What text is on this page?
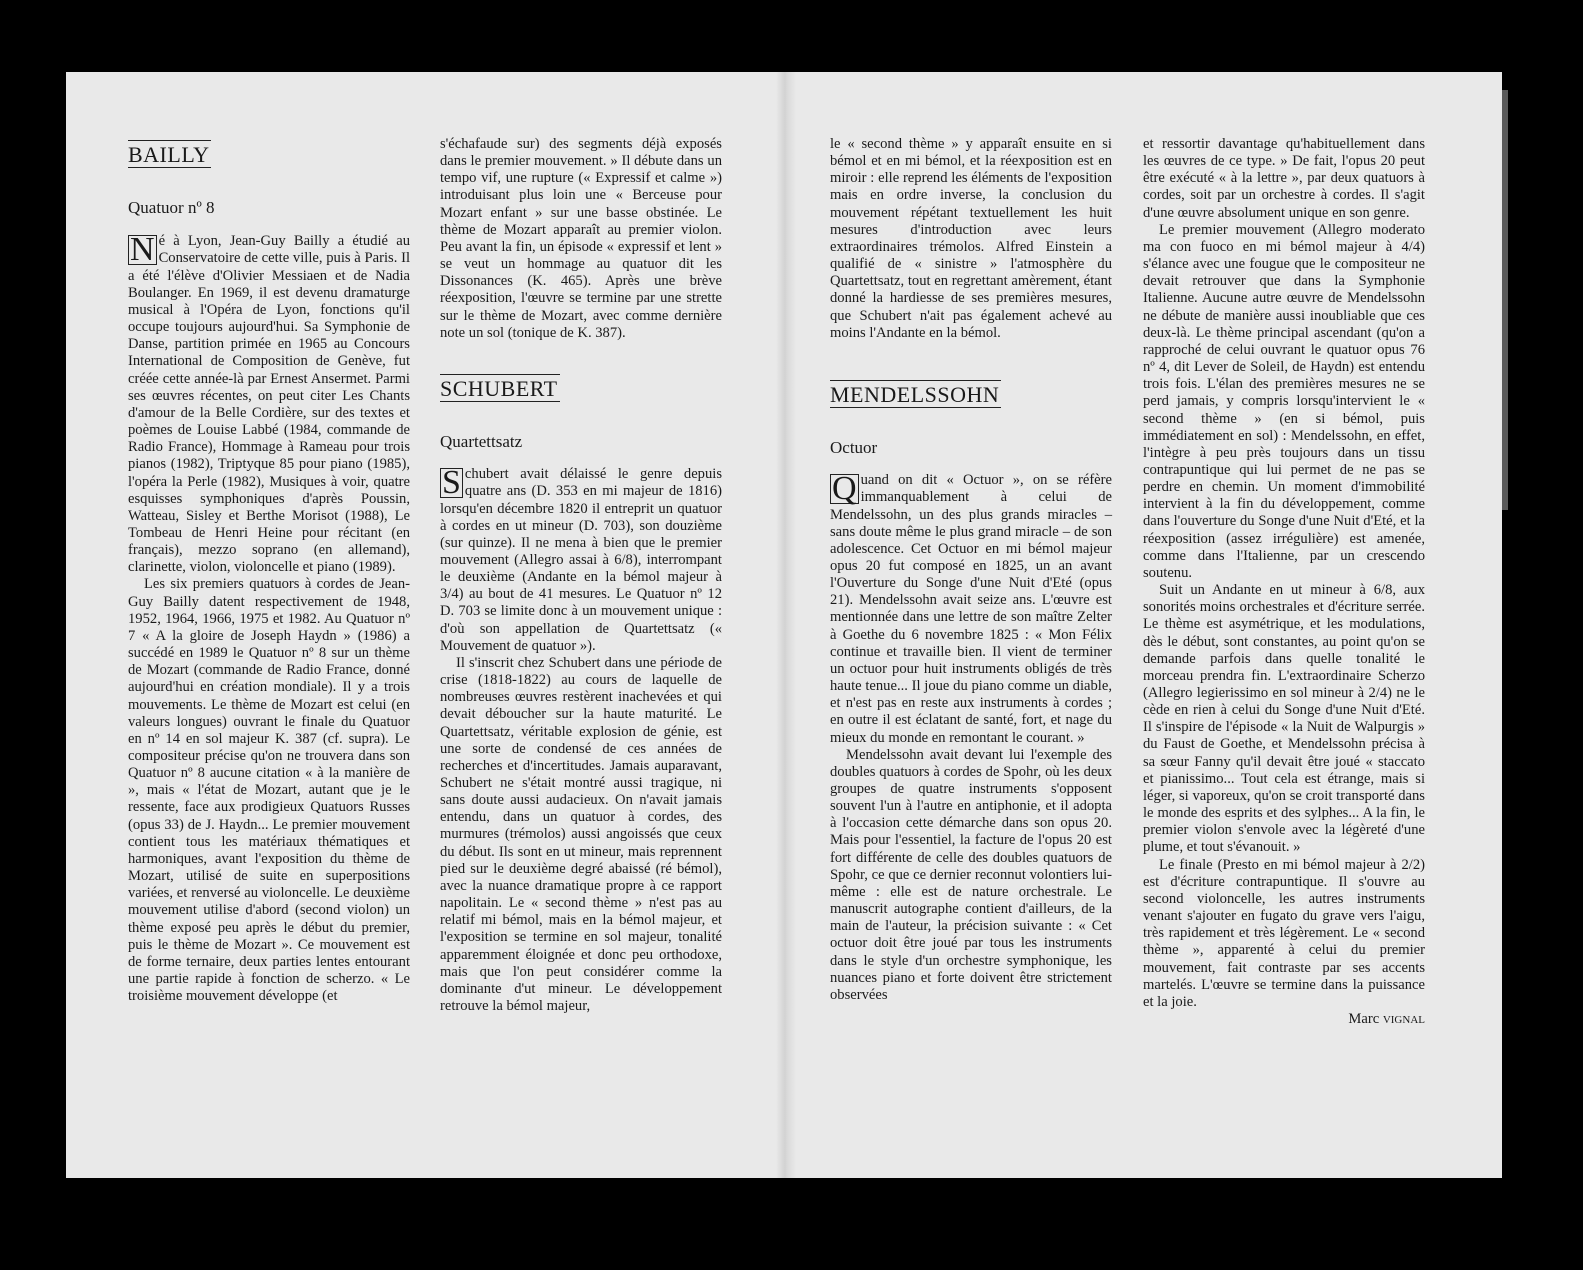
BAILLY
Quatuor nº 8

N é à Lyon, Jean-Guy Bailly a étudié au Conservatoire de cette ville, puis à Paris. Il a été l'élève d'Olivier Messiaen et de Nadia Boulanger. En 1969, il est devenu dramaturge musical à l'Opéra de Lyon, fonctions qu'il occupe toujours aujourd'hui. Sa Symphonie de Danse, partition primée en 1965 au Concours International de Composition de Genève, fut créée cette année-là par Ernest Ansermet. Parmi ses œuvres récentes, on peut citer Les Chants d'amour de la Belle Cordière, sur des textes et poèmes de Louise Labbé (1984, commande de Radio France), Hommage à Rameau pour trois pianos (1982), Triptyque 85 pour piano (1985), l'opéra la Perle (1982), Musiques à voir, quatre esquisses symphoniques d'après Poussin, Watteau, Sisley et Berthe Morisot (1988), Le Tombeau de Henri Heine pour récitant (en français), mezzo soprano (en allemand), clarinette, violon, violoncelle et piano (1989).

Les six premiers quatuors à cordes de Jean-Guy Bailly datent respectivement de 1948, 1952, 1964, 1966, 1975 et 1982. Au Quatuor nº 7 « A la gloire de Joseph Haydn » (1986) a succédé en 1989 le Quatuor nº 8 sur un thème de Mozart (commande de Radio France, donné aujourd'hui en création mondiale). Il y a trois mouvements. Le thème de Mozart est celui (en valeurs longues) ouvrant le finale du Quatuor en nº 14 en sol majeur K. 387 (cf. supra). Le compositeur précise qu'on ne trouvera dans son Quatuor nº 8 aucune citation « à la manière de », mais « l'état de Mozart, autant que je le ressente, face aux prodigieux Quatuors Russes (opus 33) de J. Haydn... Le premier mouvement contient tous les matériaux thématiques et harmoniques, avant l'exposition du thème de Mozart, utilisé de suite en superpositions variées, et renversé au violoncelle. Le deuxième mouvement utilise d'abord (second violon) un thème exposé peu après le début du premier, puis le thème de Mozart ». Ce mouvement est de forme ternaire, deux parties lentes entourant une partie rapide à fonction de scherzo. « Le troisième mouvement développe (et

s'échafaude sur) des segments déjà exposés dans le premier mouvement. » Il débute dans un tempo vif, une rupture (« Expressif et calme ») introduisant plus loin une « Berceuse pour Mozart enfant » sur une basse obstinée. Le thème de Mozart apparaît au premier violon. Peu avant la fin, un épisode « expressif et lent » se veut un hommage au quatuor dit les Dissonances (K. 465). Après une brève réexposition, l'œuvre se termine par une strette sur le thème de Mozart, avec comme dernière note un sol (tonique de K. 387).

SCHUBERT
Quartettsatz

S chubert avait délaissé le genre depuis quatre ans (D. 353 en mi majeur de 1816) lorsqu'en décembre 1820 il entreprit un quatuor à cordes en ut mineur (D. 703), son douzième (sur quinze). Il ne mena à bien que le premier mouvement (Allegro assai à 6/8), interrompant le deuxième (Andante en la bémol majeur à 3/4) au bout de 41 mesures. Le Quatuor nº 12 D. 703 se limite donc à un mouvement unique : d'où son appellation de Quartettsatz (« Mouvement de quatuor »).

Il s'inscrit chez Schubert dans une période de crise (1818-1822) au cours de laquelle de nombreuses œuvres restèrent inachevées et qui devait déboucher sur la haute maturité. Le Quartettsatz, véritable explosion de génie, est une sorte de condensé de ces années de recherches et d'incertitudes. Jamais auparavant, Schubert ne s'était montré aussi tragique, ni sans doute aussi audacieux. On n'avait jamais entendu, dans un quatuor à cordes, des murmures (trémolos) aussi angoissés que ceux du début. Ils sont en ut mineur, mais reprennent pied sur le deuxième degré abaissé (ré bémol), avec la nuance dramatique propre à ce rapport napolitain. Le « second thème » n'est pas au relatif mi bémol, mais en la bémol majeur, et l'exposition se termine en sol majeur, tonalité apparemment éloignée et donc peu orthodoxe, mais que l'on peut considérer comme la dominante d'ut mineur. Le développement retrouve la bémol majeur,

le « second thème » y apparaît ensuite en si bémol et en mi bémol, et la réexposition est en miroir : elle reprend les éléments de l'exposition mais en ordre inverse, la conclusion du mouvement répétant textuellement les huit mesures d'introduction avec leurs extraordinaires trémolos. Alfred Einstein a qualifié de « sinistre » l'atmosphère du Quartettsatz, tout en regrettant amèrement, étant donné la hardiesse de ses premières mesures, que Schubert n'ait pas également achevé au moins l'Andante en la bémol.

MENDELSSOHN
Octuor

Q uand on dit « Octuor », on se réfère immanquablement à celui de Mendelssohn, un des plus grands miracles – sans doute même le plus grand miracle – de son adolescence. Cet Octuor en mi bémol majeur opus 20 fut composé en 1825, un an avant l'Ouverture du Songe d'une Nuit d'Eté (opus 21). Mendelssohn avait seize ans. L'œuvre est mentionnée dans une lettre de son maître Zelter à Goethe du 6 novembre 1825 : « Mon Félix continue et travaille bien. Il vient de terminer un octuor pour huit instruments obligés de très haute tenue... Il joue du piano comme un diable, et n'est pas en reste aux instruments à cordes ; en outre il est éclatant de santé, fort, et nage du mieux du monde en remontant le courant. »

Mendelssohn avait devant lui l'exemple des doubles quatuors à cordes de Spohr, où les deux groupes de quatre instruments s'opposent souvent l'un à l'autre en antiphonie, et il adopta à l'occasion cette démarche dans son opus 20. Mais pour l'essentiel, la facture de l'opus 20 est fort différente de celle des doubles quatuors de Spohr, ce que ce dernier reconnut volontiers lui-même : elle est de nature orchestrale. Le manuscrit autographe contient d'ailleurs, de la main de l'auteur, la précision suivante : « Cet octuor doit être joué par tous les instruments dans le style d'un orchestre symphonique, les nuances piano et forte doivent être strictement observées

et ressortir davantage qu'habituellement dans les œuvres de ce type. » De fait, l'opus 20 peut être exécuté « à la lettre », par deux quatuors à cordes, soit par un orchestre à cordes. Il s'agit d'une œuvre absolument unique en son genre.

Le premier mouvement (Allegro moderato ma con fuoco en mi bémol majeur à 4/4) s'élance avec une fougue que le compositeur ne devait retrouver que dans la Symphonie Italienne. Aucune autre œuvre de Mendelssohn ne débute de manière aussi inoubliable que ces deux-là. Le thème principal ascendant (qu'on a rapproché de celui ouvrant le quatuor opus 76 nº 4, dit Lever de Soleil, de Haydn) est entendu trois fois. L'élan des premières mesures ne se perd jamais, y compris lorsqu'intervient le « second thème » (en si bémol, puis immédiatement en sol) : Mendelssohn, en effet, l'intègre à peu près toujours dans un tissu contrapuntique qui lui permet de ne pas se perdre en chemin. Un moment d'immobilité intervient à la fin du développement, comme dans l'ouverture du Songe d'une Nuit d'Eté, et la réexposition (assez irrégulière) est amenée, comme dans l'Italienne, par un crescendo soutenu.

Suit un Andante en ut mineur à 6/8, aux sonorités moins orchestrales et d'écriture serrée. Le thème est asymétrique, et les modulations, dès le début, sont constantes, au point qu'on se demande parfois dans quelle tonalité le morceau prendra fin. L'extraordinaire Scherzo (Allegro legierissimo en sol mineur à 2/4) ne le cède en rien à celui du Songe d'une Nuit d'Eté. Il s'inspire de l'épisode « la Nuit de Walpurgis » du Faust de Goethe, et Mendelssohn précisa à sa sœur Fanny qu'il devait être joué « staccato et pianissimo... Tout cela est étrange, mais si léger, si vaporeux, qu'on se croit transporté dans le monde des esprits et des sylphes... A la fin, le premier violon s'envole avec la légèreté d'une plume, et tout s'évanouit. »

Le finale (Presto en mi bémol majeur à 2/2) est d'écriture contrapuntique. Il s'ouvre au second violoncelle, les autres instruments venant s'ajouter en fugato du grave vers l'aigu, très rapidement et très légèrement. Le « second thème », apparenté à celui du premier mouvement, fait contraste par ses accents martelés. L'œuvre se termine dans la puissance et la joie.

Marc VIGNAL
